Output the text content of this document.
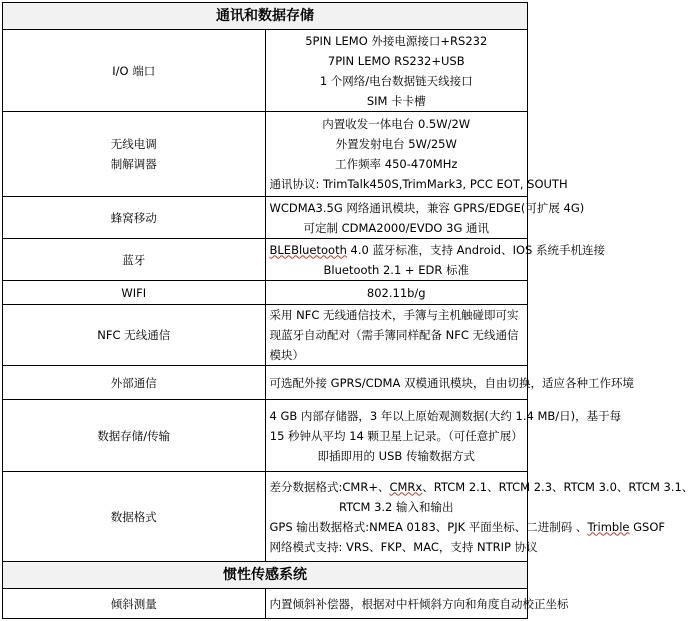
通讯和数据存储	
I/O 端口	5PIN LEMO 外接电源接口+RS232
7PIN LEMO RS232+USB
1 个网络/电台数据链天线接口
SIM 卡卡槽

无线电调
制解调器	内置收发一体电台 0.5W/2W
外置发射电台 5W/25W
工作频率 450-470MHz
通讯协议: TrimTalk450S,TrimMark3, PCC EOT, SOUTH

蜂窝移动	WCDMA3.5G 网络通讯模块，兼容 GPRS/EDGE(可扩展 4G)
可定制 CDMA2000/EVDO 3G 通讯

蓝牙	BLEBluetooth 4.0 蓝牙标准，支持 Android、IOS 系统手机连接
Bluetooth 2.1 + EDR 标准

WIFI	802.11b/g

NFC 无线通信	采用 NFC 无线通信技术，手簿与主机触碰即可实现蓝牙自动配对（需手簿同样配备 NFC 无线通信模块）
外部通信	可选配外接 GPRS/CDMA 双模通讯模块，自由切换，适应各种工作环境

数据存储/传输	4 GB 内部存储器，3 年以上原始观测数据(大约 1.4 MB/日)，基于每
15 秒钟从平均 14 颗卫星上记录。（可任意扩展）
即插即用的 USB 传输数据方式

数据格式	差分数据格式:CMR+、CMRx、RTCM 2.1、RTCM 2.3、RTCM 3.0、RTCM 3.1、
RTCM 3.2 输入和输出
GPS 输出数据格式:NMEA 0183、PJK 平面坐标、二进制码 、Trimble GSOF
网络模式支持: VRS、FKP、MAC，支持 NTRIP 协议

惯性传感系统	
倾斜测量	内置倾斜补偿器，根据对中杆倾斜方向和角度自动校正坐标
